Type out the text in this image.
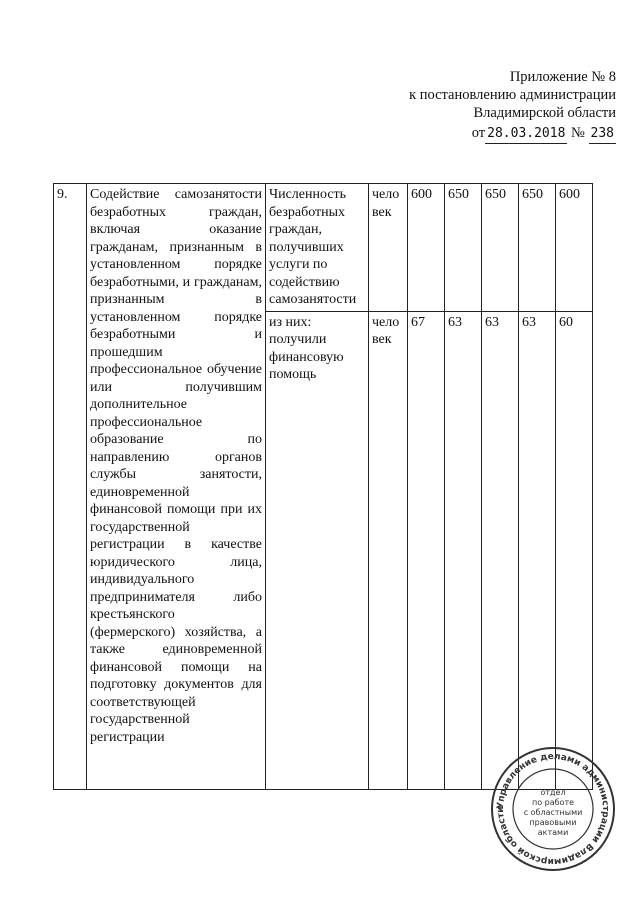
Приложение № 8
к постановлению администрации
Владимирской области
от 28.03.2018 № 238
9.	Содействие самозанятости безработных граждан, включая оказание гражданам, признанным в установленном порядке безработными, и гражданам, признанным в установленном порядке безработными и прошедшим профессиональное обучение или получившим дополнительное профессиональное образование по направлению органов службы занятости, единовременной финансовой помощи при их государственной регистрации в качестве юридического лица, индивидуального предпринимателя либо крестьянского (фермерского) хозяйства, а также единовременной финансовой помощи на подготовку документов для соответствующей государственной регистрации	Численность безработных граждан, получивших услуги по содействию самозанятости	чело век	600	650	650	650	600
		из них: получили финансовую помощь	чело век	67	63	63	63	60
Управление делами администрации Владимирской области
отдел
по работе
с областными
правовыми
актами
